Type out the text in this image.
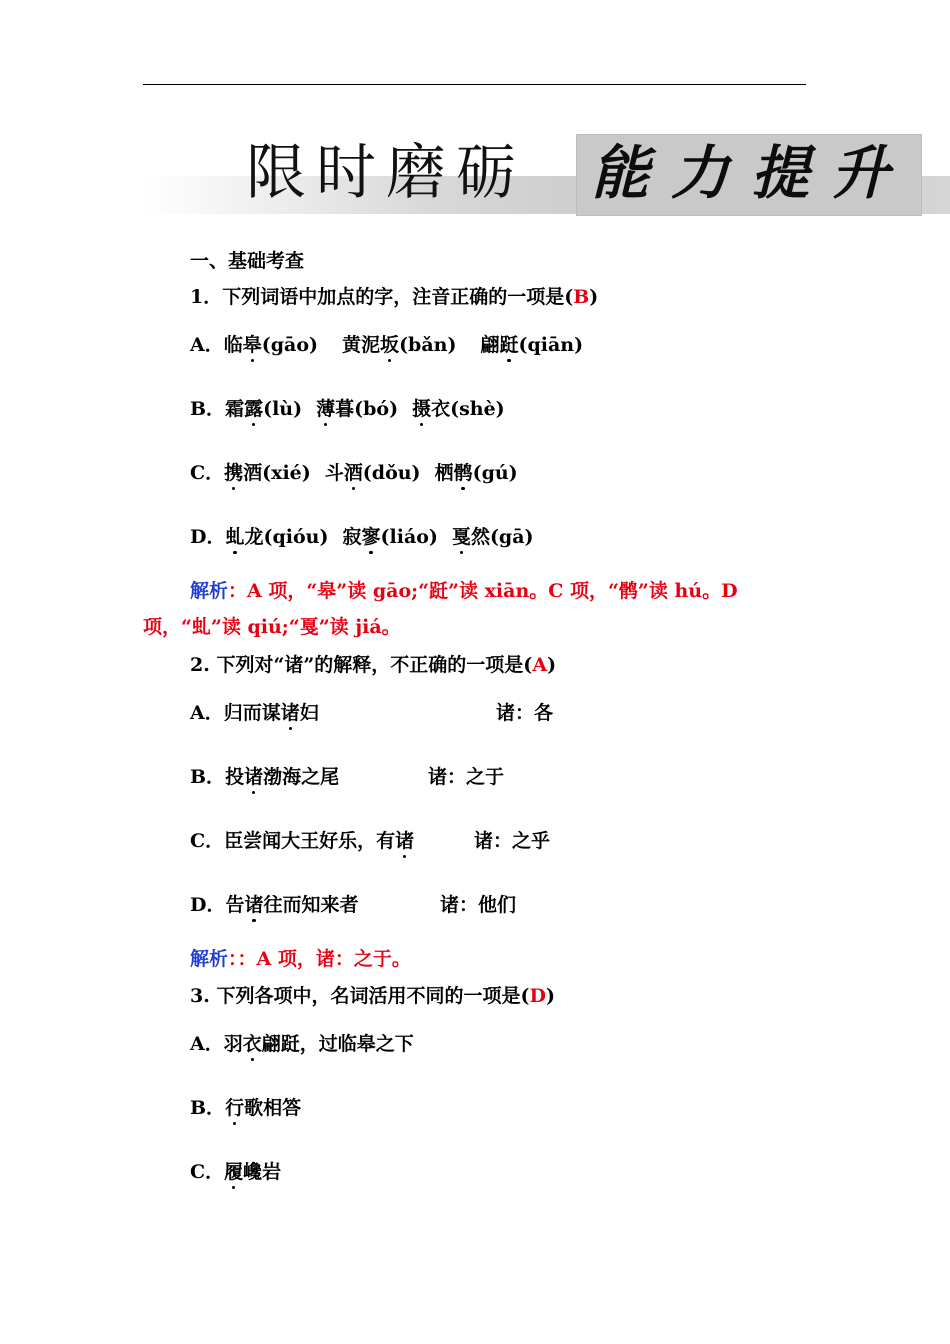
限时磨砺 能力提升
一、基础考查
1．下列词语中加点的字，注音正确的一项是(B)
A．临皋(gāo) 黄泥坂(bǎn) 翩跹(qiān)
B．霜露(lù) 薄暮(bó) 摄衣(shè)
C．携酒(xié) 斗酒(dǒu) 栖鹘(gú)
D．虬龙(qióu) 寂寥(liáo) 戛然(gā)
解析：A 项，“皋”读 gāo;“跹”读 xiān。C 项，“鹘”读 hú。D
项，“虬”读 qiú;“戛”读 jiá。
2. 下列对“诸”的解释，不正确的一项是(A)
A．归而谋诸妇	诸：各
B．投诸渤海之尾	诸：之于
C．臣尝闻大王好乐，有诸	诸：之乎
D．告诸往而知来者	诸：他们
解析：：A 项，诸：之于。
3. 下列各项中，名词活用不同的一项是(D)
A．羽衣翩跹，过临皋之下
B．行歌相答
C．履巉岩
